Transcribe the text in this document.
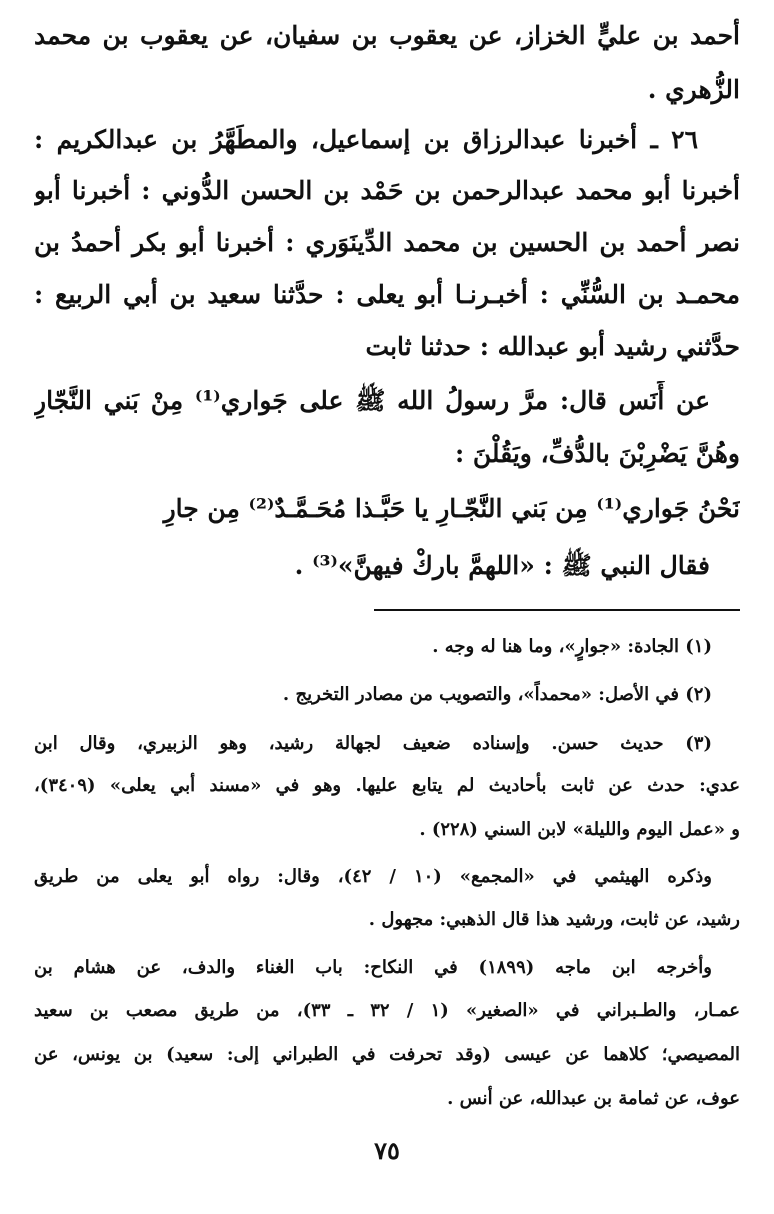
أحمد بن عليٍّ الخزاز، عن يعقوب بن سفيان، عن يعقوب بن محمد
الزُّهري .
٢٦ ـ أخبرنا عبدالرزاق بن إسماعيل، والمطَهَّرُ بن عبدالكريم :
أخبرنا أبو محمد عبدالرحمن بن حَمْد بن الحسن الدُّوني : أخبرنا أبو
نصر أحمد بن الحسين بن محمد الدِّينَوَري : أخبرنا أبو بكر أحمدُ بن
محمـد بن السُّنِّي : أخبـرنـا أبو يعلى : حدَّثنا سعيد بن أبي الربيع :
حدَّثني رشيد أبو عبدالله : حدثنا ثابت
عن أَنَس قال: مرَّ رسولُ الله ﷺ على جَواري⁽¹⁾ مِنْ بَني النَّجّارِ
وهُنَّ يَضْرِبْنَ بالدُّفِّ، ويَقُلْنَ :
نَحْنُ جَواري⁽¹⁾ مِن بَني النَّجّـارِ يا حَبَّـذا مُحَـمَّـدٌ⁽²⁾ مِن جارِ
فقال النبي ﷺ : «اللهمَّ باركْ فيهنَّ»⁽³⁾ .
(١) الجادة: «جوارٍ»، وما هنا له وجه .
(٢) في الأصل: «محمداً»، والتصويب من مصادر التخريج .
(٣) حديث حسن. وإسناده ضعيف لجهالة رشيد، وهو الزبيري، وقال ابن
عدي: حدث عن ثابت بأحاديث لم يتابع عليها. وهو في «مسند أبي يعلى» (٣٤٠٩)،
و «عمل اليوم والليلة» لابن السني (٢٢٨) .
وذكره الهيثمي في «المجمع» (١٠ / ٤٢)، وقال: رواه أبو يعلى من طريق
رشيد، عن ثابت، ورشيد هذا قال الذهبي: مجهول .
وأخرجه ابن ماجه (١٨٩٩) في النكاح: باب الغناء والدف، عن هشام بن
عمـار، والطـبراني في «الصغير» (١ / ٣٢ ـ ٣٣)، من طريق مصعب بن سعيد
المصيصي؛ كلاهما عن عيسى (وقد تحرفت في الطبراني إلى: سعيد) بن يونس، عن
عوف، عن ثمامة بن عبدالله، عن أنس .
٧٥
